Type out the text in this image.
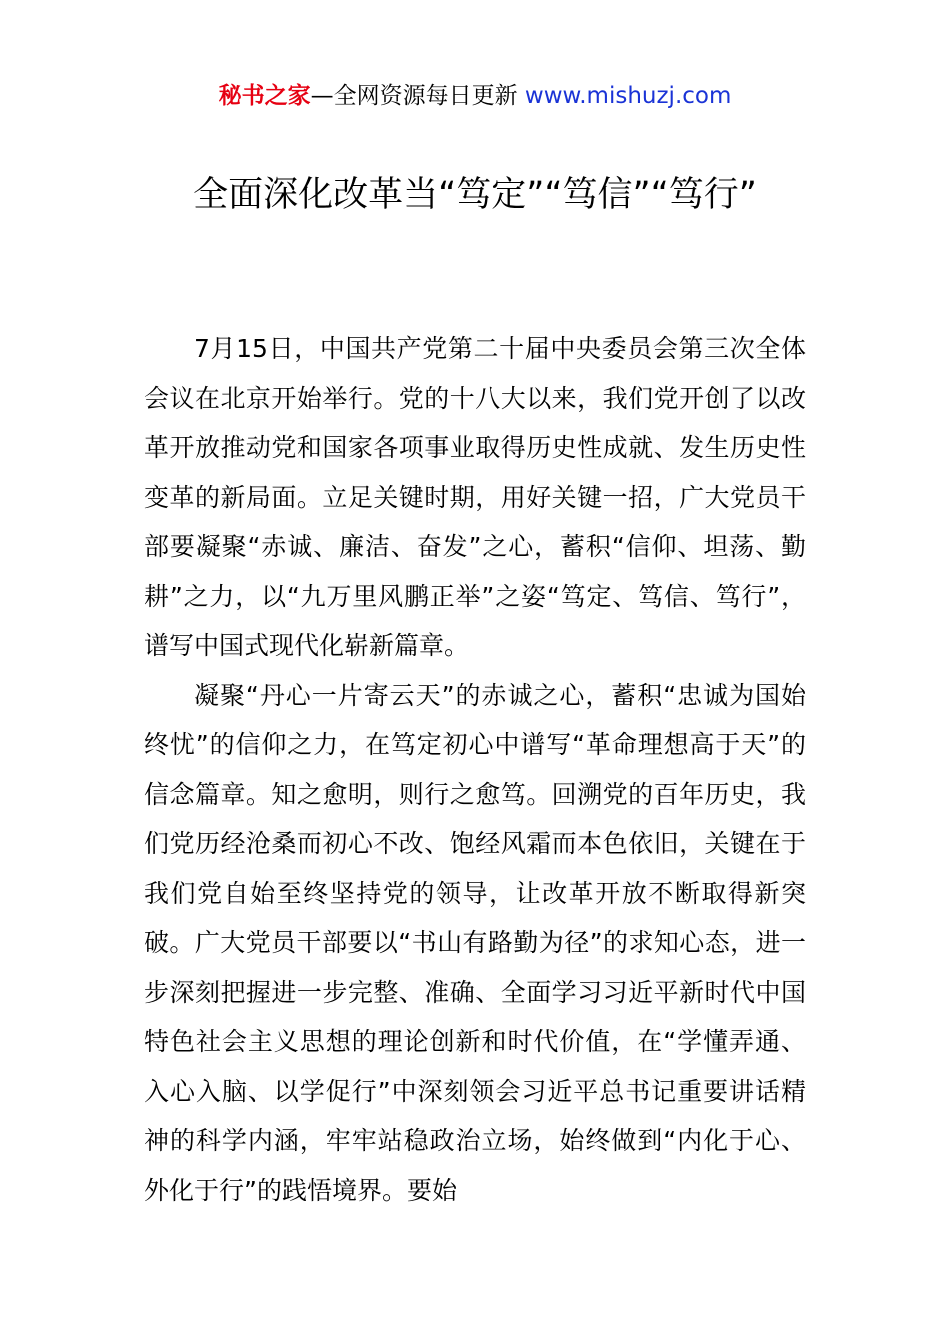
秘书之家—全网资源每日更新 www.mishuzj.com
全面深化改革当“笃定”“笃信”“笃行”

7月15日，中国共产党第二十届中央委员会第三次全体会议在北京开始举行。党的十八大以来，我们党开创了以改革开放推动党和国家各项事业取得历史性成就、发生历史性变革的新局面。立足关键时期，用好关键一招，广大党员干部要凝聚“赤诚、廉洁、奋发”之心，蓄积“信仰、坦荡、勤耕”之力，以“九万里风鹏正举”之姿“笃定、笃信、笃行”，谱写中国式现代化崭新篇章。

凝聚“丹心一片寄云天”的赤诚之心，蓄积“忠诚为国始终忧”的信仰之力，在笃定初心中谱写“革命理想高于天”的信念篇章。知之愈明，则行之愈笃。回溯党的百年历史，我们党历经沧桑而初心不改、饱经风霜而本色依旧，关键在于我们党自始至终坚持党的领导，让改革开放不断取得新突破。广大党员干部要以“书山有路勤为径”的求知心态，进一步深刻把握进一步完整、准确、全面学习习近平新时代中国特色社会主义思想的理论创新和时代价值，在“学懂弄通、入心入脑、以学促行”中深刻领会习近平总书记重要讲话精神的科学内涵，牢牢站稳政治立场，始终做到“内化于心、外化于行”的践悟境界。要始
